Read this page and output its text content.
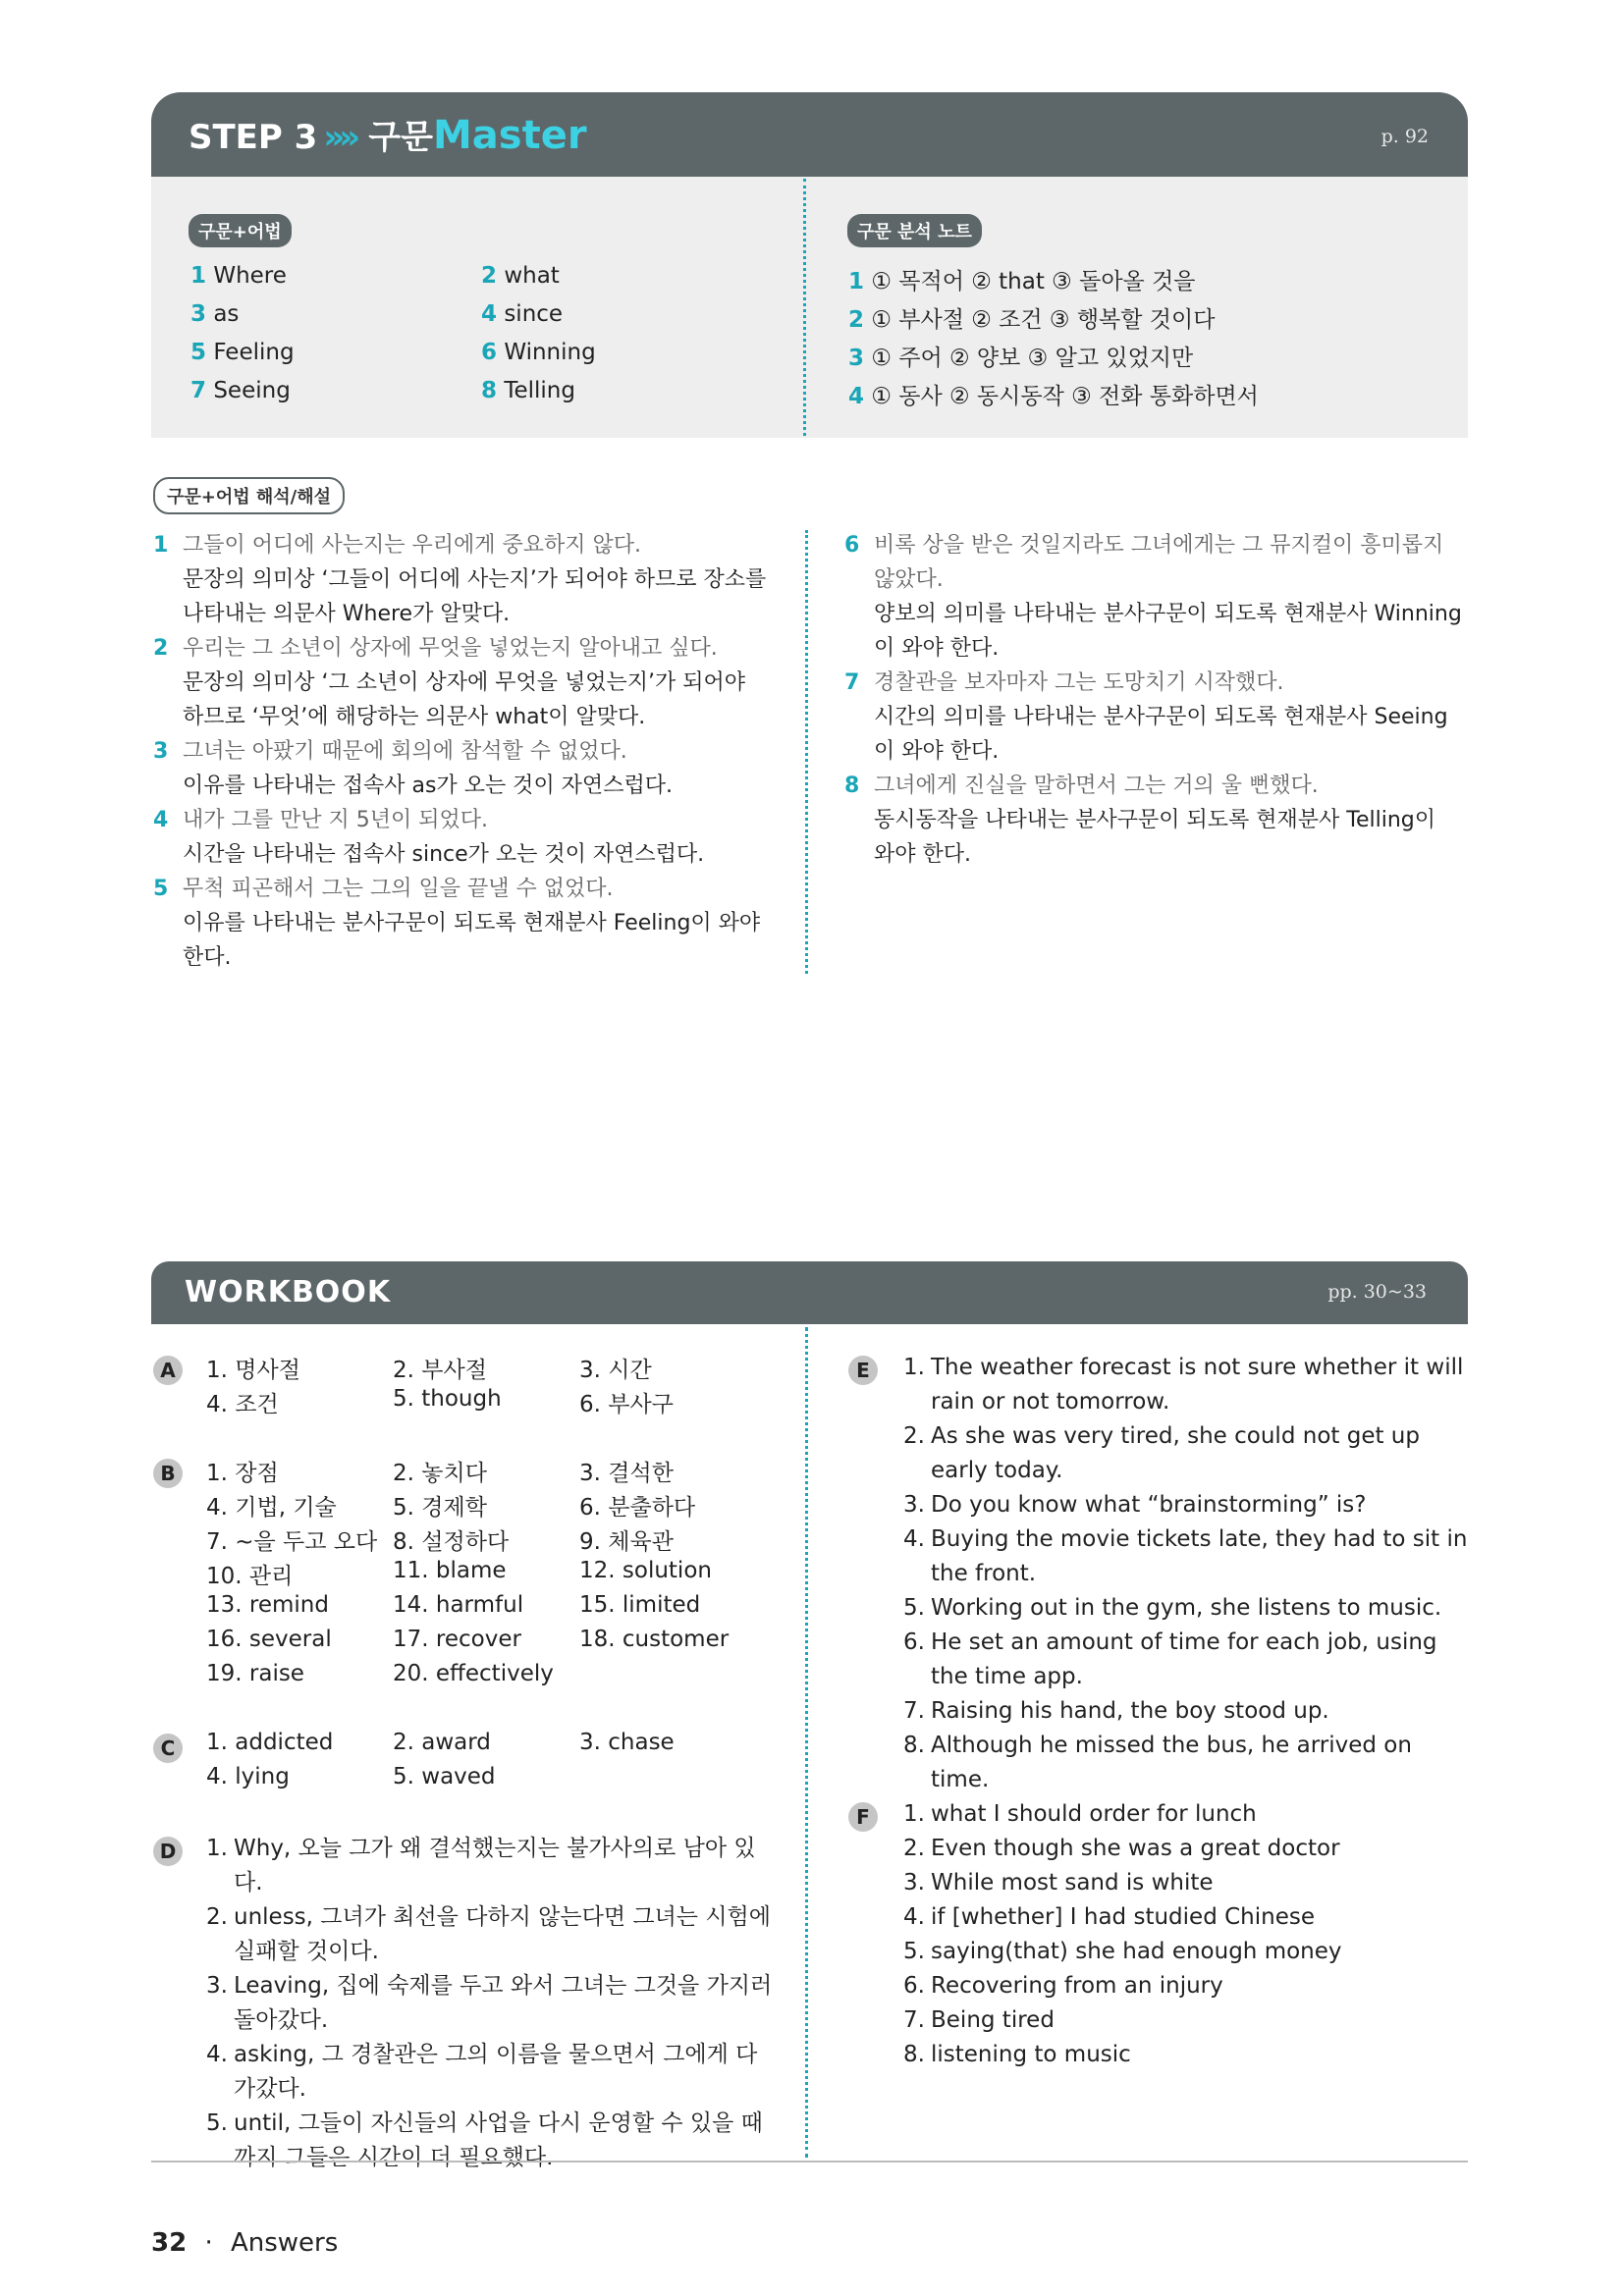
STEP 3 »» 구문Master	p. 92
구문+어법
1 Where	2 what
3 as	4 since
5 Feeling	6 Winning
7 Seeing	8 Telling
구문 분석 노트
1 ① 목적어 ② that ③ 돌아올 것을
2 ① 부사절 ② 조건 ③ 행복할 것이다
3 ① 주어 ② 양보 ③ 알고 있었지만
4 ① 동사 ② 동시동작 ③ 전화 통화하면서
구문+어법 해석/해설
1 그들이 어디에 사는지는 우리에게 중요하지 않다.
문장의 의미상 ‘그들이 어디에 사는지’가 되어야 하므로 장소를 나타내는 의문사 Where가 알맞다.
2 우리는 그 소년이 상자에 무엇을 넣었는지 알아내고 싶다.
문장의 의미상 ‘그 소년이 상자에 무엇을 넣었는지’가 되어야 하므로 ‘무엇’에 해당하는 의문사 what이 알맞다.
3 그녀는 아팠기 때문에 회의에 참석할 수 없었다.
이유를 나타내는 접속사 as가 오는 것이 자연스럽다.
4 내가 그를 만난 지 5년이 되었다.
시간을 나타내는 접속사 since가 오는 것이 자연스럽다.
5 무척 피곤해서 그는 그의 일을 끝낼 수 없었다.
이유를 나타내는 분사구문이 되도록 현재분사 Feeling이 와야 한다.
6 비록 상을 받은 것일지라도 그녀에게는 그 뮤지컬이 흥미롭지 않았다.
양보의 의미를 나타내는 분사구문이 되도록 현재분사 Winning이 와야 한다.
7 경찰관을 보자마자 그는 도망치기 시작했다.
시간의 의미를 나타내는 분사구문이 되도록 현재분사 Seeing이 와야 한다.
8 그녀에게 진실을 말하면서 그는 거의 울 뻔했다.
동시동작을 나타내는 분사구문이 되도록 현재분사 Telling이 와야 한다.
WORKBOOK	pp. 30~33
A	1. 명사절	2. 부사절	3. 시간
4. 조건	5. though	6. 부사구
B	1. 장점	2. 놓치다	3. 결석한
4. 기법, 기술 5. 경제학	6. 분출하다
7. ~을 두고 오다 8. 설정하다	9. 체육관
10. 관리	11. blame	12. solution
13. remind	14. harmful 15. limited
16. several	17. recover	18. customer
19. raise	20. effectively
C	1. addicted	2. award	3. chase
4. lying	5. waved
D 1. Why, 오늘 그가 왜 결석했는지는 불가사의로 남아 있다.
2. unless, 그녀가 최선을 다하지 않는다면 그녀는 시험에 실패할 것이다.
3. Leaving, 집에 숙제를 두고 와서 그녀는 그것을 가지러 돌아갔다.
4. asking, 그 경찰관은 그의 이름을 물으면서 그에게 다가갔다.
5. until, 그들이 자신들의 사업을 다시 운영할 수 있을 때까지 그들은 시간이 더 필요했다.
E	1. The weather forecast is not sure whether it will rain or not tomorrow.
2. As she was very tired, she could not get up early today.
3. Do you know what “brainstorming” is?
4. Buying the movie tickets late, they had to sit in the front.
5. Working out in the gym, she listens to music.
6. He set an amount of time for each job, using the time app.
7. Raising his hand, the boy stood up.
8. Although he missed the bus, he arrived on time.
F	1. what I should order for lunch
2. Even though she was a great doctor
3. While most sand is white
4. if [whether] I had studied Chinese
5. saying(that) she had enough money
6. Recovering from an injury
7. Being tired
8. listening to music
32 · Answers
